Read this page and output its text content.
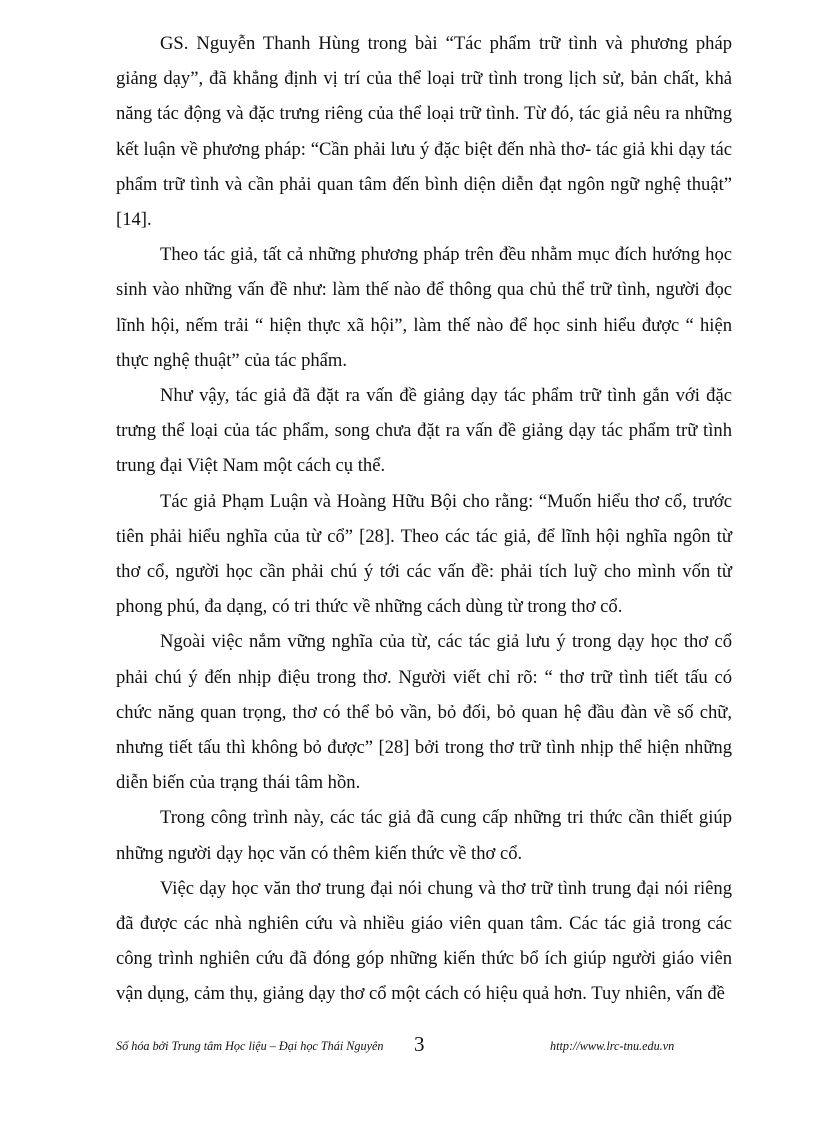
GS. Nguyễn Thanh Hùng trong bài “Tác phẩm trữ tình và phương pháp giảng dạy”, đã khẳng định vị trí của thể loại trữ tình trong lịch sử, bản chất, khả năng tác động và đặc trưng riêng của thể loại trữ tình. Từ đó, tác giả nêu ra những kết luận về phương pháp: “Cần phải lưu ý đặc biệt đến nhà thơ- tác giả khi dạy tác phẩm trữ tình và cần phải quan tâm đến bình diện diễn đạt ngôn ngữ nghệ thuật” [14].

Theo tác giả, tất cả những phương pháp trên đều nhằm mục đích hướng học sinh vào những vấn đề như: làm thế nào để thông qua chủ thể trữ tình, người đọc lĩnh hội, nếm trải “ hiện thực xã hội”, làm thế nào để học sinh hiểu được “ hiện thực nghệ thuật” của tác phẩm.

Như vậy, tác giả đã đặt ra vấn đề giảng dạy tác phẩm trữ tình gắn với đặc trưng thể loại của tác phẩm, song chưa đặt ra vấn đề giảng dạy tác phẩm trữ tình trung đại Việt Nam một cách cụ thể.

Tác giả Phạm Luận và Hoàng Hữu Bội cho rằng: “Muốn hiểu thơ cổ, trước tiên phải hiểu nghĩa của từ cổ” [28]. Theo các tác giả, để lĩnh hội nghĩa ngôn từ thơ cổ, người học cần phải chú ý tới các vấn đề: phải tích luỹ cho mình vốn từ phong phú, đa dạng, có tri thức về những cách dùng từ trong thơ cổ.

Ngoài việc nắm vững nghĩa của từ, các tác giả lưu ý trong dạy học thơ cổ phải chú ý đến nhịp điệu trong thơ. Người viết chỉ rõ: “ thơ trữ tình tiết tấu có chức năng quan trọng, thơ có thể bỏ vần, bỏ đối, bỏ quan hệ đầu đàn về số chữ, nhưng tiết tấu thì không bỏ được” [28] bởi trong thơ trữ tình nhịp thể hiện những diễn biến của trạng thái tâm hồn.

Trong công trình này, các tác giả đã cung cấp những tri thức cần thiết giúp những người dạy học văn có thêm kiến thức về thơ cổ.

Việc dạy học văn thơ trung đại nói chung và thơ trữ tình trung đại nói riêng đã được các nhà nghiên cứu và nhiều giáo viên quan tâm. Các tác giả trong các công trình nghiên cứu đã đóng góp những kiến thức bổ ích giúp người giáo viên vận dụng, cảm thụ, giảng dạy thơ cổ một cách có hiệu quả hơn. Tuy nhiên, vấn đề

Số hóa bởi Trung tâm Học liệu – Đại học Thái Nguyên 3	http://www.lrc-tnu.edu.vn
